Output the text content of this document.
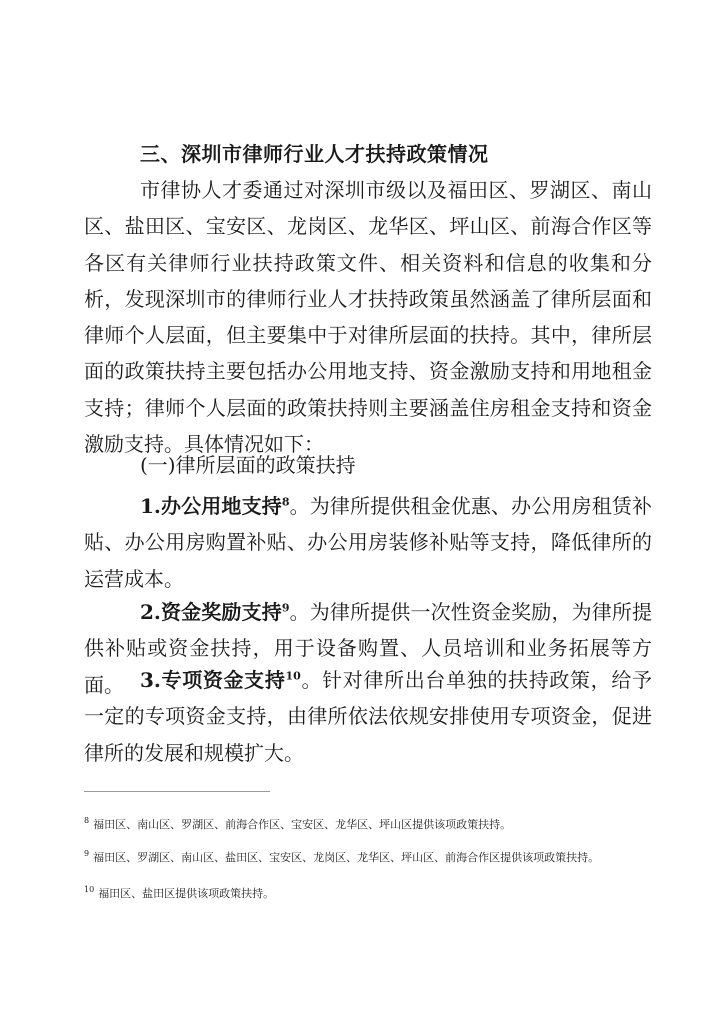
三、深圳市律师行业人才扶持政策情况

市律协人才委通过对深圳市级以及福田区、罗湖区、南山区、盐田区、宝安区、龙岗区、龙华区、坪山区、前海合作区等各区有关律师行业扶持政策文件、相关资料和信息的收集和分析，发现深圳市的律师行业人才扶持政策虽然涵盖了律所层面和律师个人层面，但主要集中于对律所层面的扶持。其中，律所层面的政策扶持主要包括办公用地支持、资金激励支持和用地租金支持；律师个人层面的政策扶持则主要涵盖住房租金支持和资金激励支持。具体情况如下：

(一)律所层面的政策扶持

1.办公用地支持$^8$。为律所提供租金优惠、办公用房租赁补贴、办公用房购置补贴、办公用房装修补贴等支持，降低律所的运营成本。

2.资金奖励支持$^9$。为律所提供一次性资金奖励，为律所提供补贴或资金扶持，用于设备购置、人员培训和业务拓展等方面。 3.专项资金支持$^{10}$。针对律所出台单独的扶持政策，给予一定的专项资金支持，由律所依法依规安排使用专项资金，促进律所的发展和规模扩大。

$^8$ 福田区、南山区、罗湖区、前海合作区、宝安区、龙华区、坪山区提供该项政策扶持。
$^9$ 福田区、罗湖区、南山区、盐田区、宝安区、龙岗区、龙华区、坪山区、前海合作区提供该项政策扶持。
$^{10}$ 福田区、盐田区提供该项政策扶持。
